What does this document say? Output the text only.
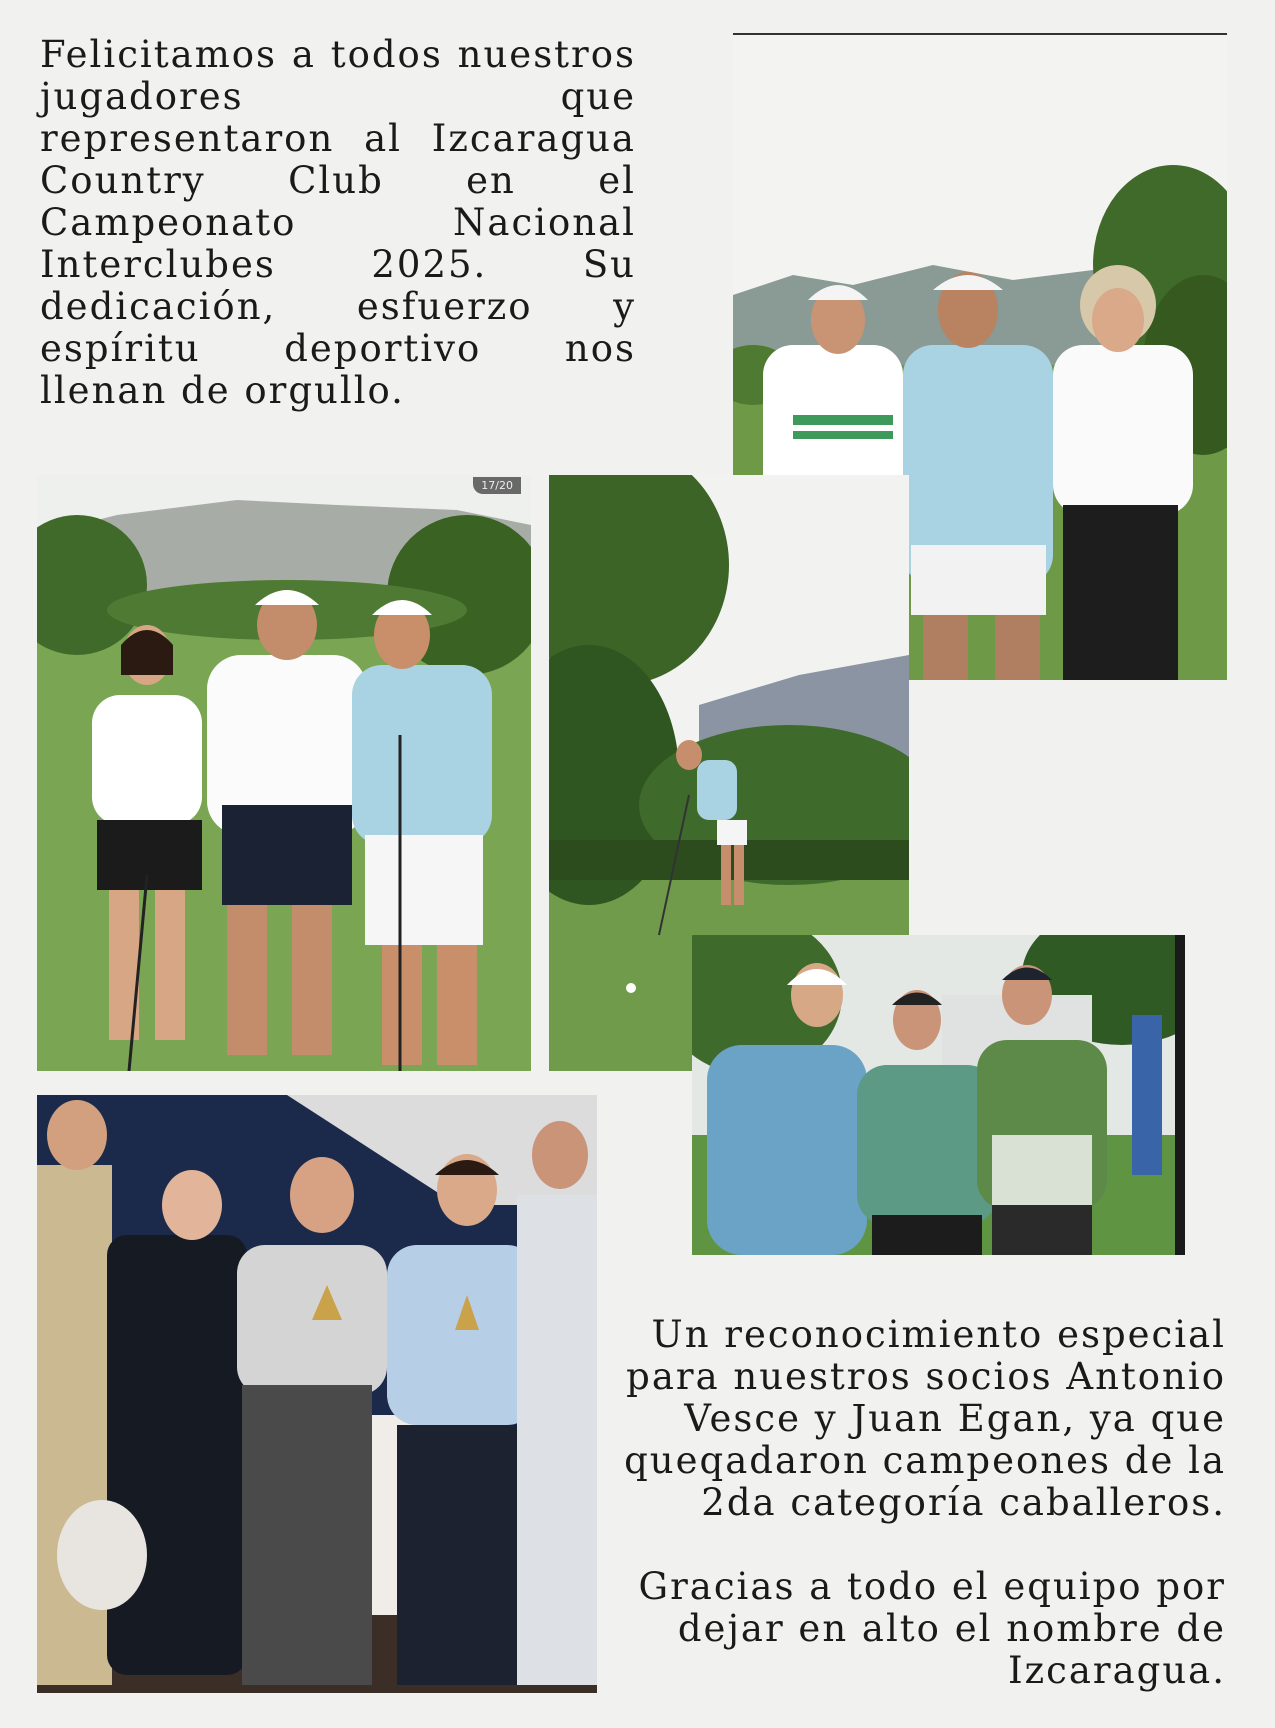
Felicitamos a todos nuestros jugadores que representaron al Izcaragua Country Club en el Campeonato Nacional Interclubes 2025. Su dedicación, esfuerzo y espíritu deportivo nos llenan de orgullo.

17/20

Un reconocimiento especial para nuestros socios Antonio Vesce y Juan Egan, ya que queqadaron campeones de la 2da categoría caballeros.

Gracias a todo el equipo por dejar en alto el nombre de Izcaragua.
